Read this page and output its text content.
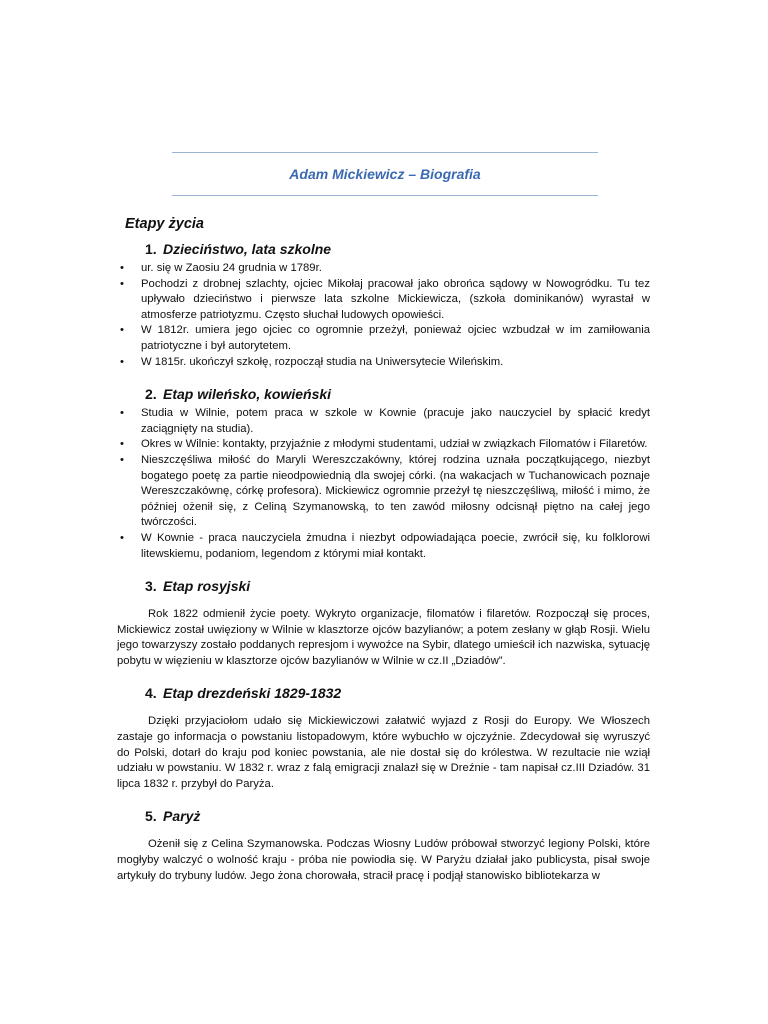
Adam Mickiewicz – Biografia
Etapy życia
1. Dzieciństwo, lata szkolne
• ur. się w Zaosiu 24 grudnia w 1789r.
• Pochodzi z drobnej szlachty, ojciec Mikołaj pracował jako obrońca sądowy w Nowogródku. Tu tez upływało dzieciństwo i pierwsze lata szkolne Mickiewicza, (szkoła dominikanów) wyrastał w atmosferze patriotyzmu. Często słuchał ludowych opowieści.
• W 1812r. umiera jego ojciec co ogromnie przeżył, ponieważ ojciec wzbudzał w im zamiłowania patriotyczne i był autorytetem.
• W 1815r. ukończył szkołę, rozpoczął studia na Uniwersytecie Wileńskim.
2. Etap wileńsko, kowieński
• Studia w Wilnie, potem praca w szkole w Kownie (pracuje jako nauczyciel by spłacić kredyt zaciągnięty na studia).
• Okres w Wilnie: kontakty, przyjaźnie z młodymi studentami, udział w związkach Filomatów i Filaretów.
• Nieszczęśliwa miłość do Maryli Wereszczakówny, której rodzina uznała początkującego, niezbyt bogatego poetę za partie nieodpowiednią dla swojej córki. (na wakacjach w Tuchanowicach poznaje Wereszczakównę, córkę profesora). Mickiewicz ogromnie przeżył tę nieszczęśliwą, miłość i mimo, że później ożenił się, z Celiną Szymanowską, to ten zawód miłosny odcisnął piętno na całej jego twórczości.
• W Kownie - praca nauczyciela żmudna i niezbyt odpowiadająca poecie, zwrócił się, ku folklorowi litewskiemu, podaniom, legendom z którymi miał kontakt.
3. Etap rosyjski

Rok 1822 odmienił życie poety. Wykryto organizacje, filomatów i filaretów. Rozpoczął się proces, Mickiewicz został uwięziony w Wilnie w klasztorze ojców bazylianów; a potem zesłany w głąb Rosji. Wielu jego towarzyszy zostało poddanych represjom i wywoźce na Sybir, dlatego umieścił ich nazwiska, sytuację pobytu w więzieniu w klasztorze ojców bazylianów w Wilnie w cz.II „Dziadów”.

4. Etap drezdeński 1829-1832

Dzięki przyjaciołom udało się Mickiewiczowi załatwić wyjazd z Rosji do Europy. We Włoszech zastaje go informacja o powstaniu listopadowym, które wybuchło w ojczyźnie. Zdecydował się wyruszyć do Polski, dotarł do kraju pod koniec powstania, ale nie dostał się do królestwa. W rezultacie nie wziął udziału w powstaniu. W 1832 r. wraz z falą emigracji znalazł się w Dreźnie - tam napisał cz.III Dziadów. 31 lipca 1832 r. przybył do Paryża.

5. Paryż

Ożenił się z Celina Szymanowska. Podczas Wiosny Ludów próbował stworzyć legiony Polski, które mogłyby walczyć o wolność kraju - próba nie powiodła się. W Paryżu działał jako publicysta, pisał swoje artykuły do trybuny ludów. Jego żona chorowała, stracił pracę i podjął stanowisko bibliotekarza w
